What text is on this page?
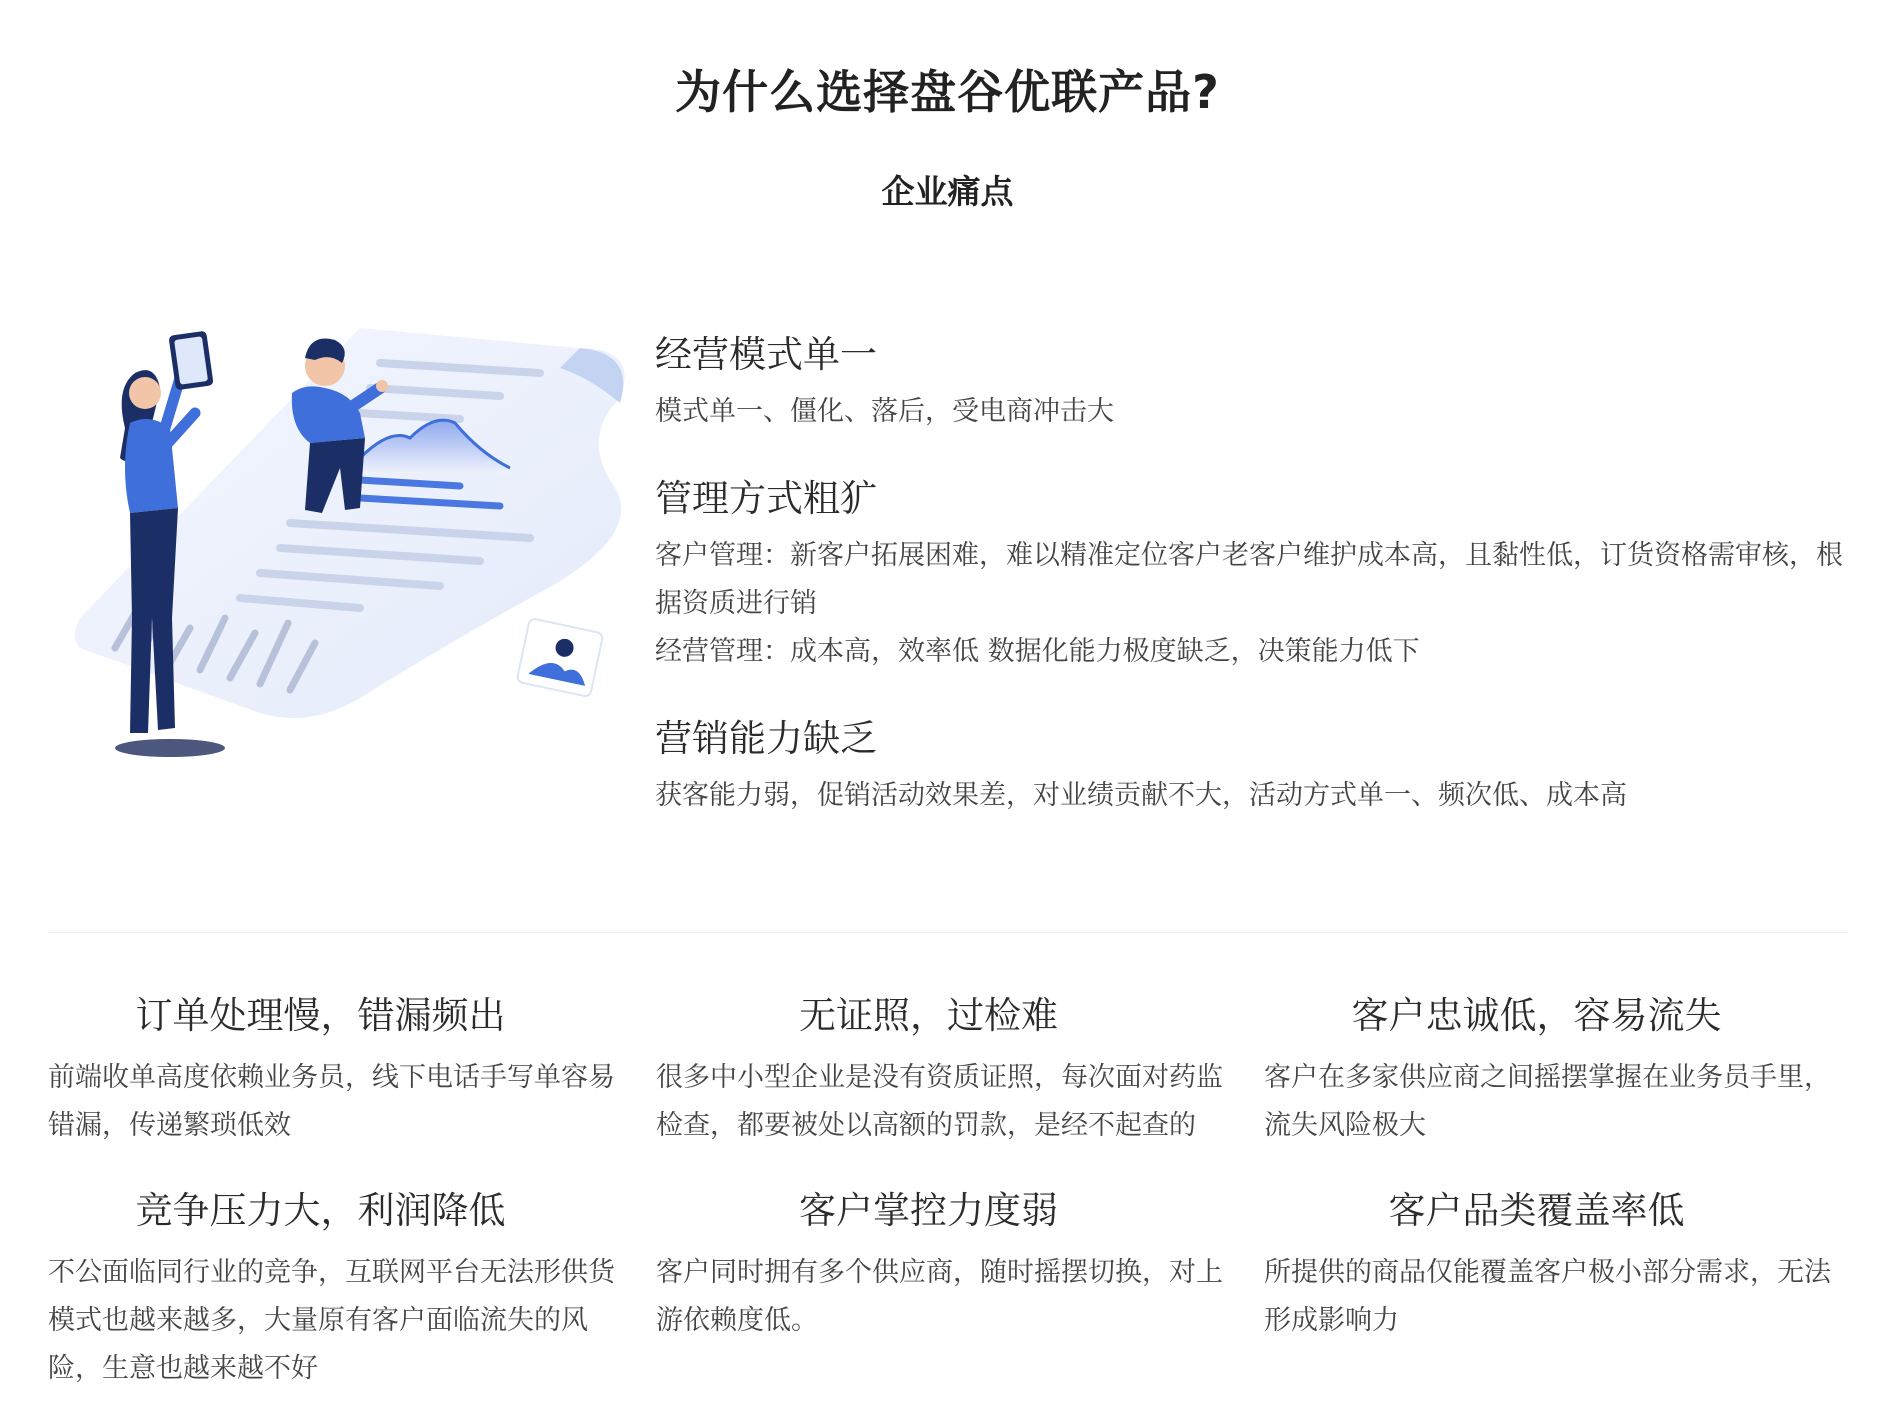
为什么选择盘谷优联产品?
企业痛点
经营模式单一

模式单一、僵化、落后，受电商冲击大

管理方式粗犷

客户管理：新客户拓展困难，难以精准定位客户老客户维护成本高，且黏性低，订货资格需审核，根据资质进行销

经营管理：成本高，效率低 数据化能力极度缺乏，决策能力低下

营销能力缺乏

获客能力弱，促销活动效果差，对业绩贡献不大，活动方式单一、频次低、成本高

订单处理慢，错漏频出

前端收单高度依赖业务员，线下电话手写单容易错漏，传递繁琐低效

无证照，过检难

很多中小型企业是没有资质证照，每次面对药监检查，都要被处以高额的罚款，是经不起查的

客户忠诚低，容易流失

客户在多家供应商之间摇摆掌握在业务员手里，流失风险极大

竞争压力大，利润降低

不公面临同行业的竞争，互联网平台无法形供货模式也越来越多，大量原有客户面临流失的风险，生意也越来越不好

客户掌控力度弱

客户同时拥有多个供应商，随时摇摆切换，对上游依赖度低。

客户品类覆盖率低

所提供的商品仅能覆盖客户极小部分需求，无法形成影响力
